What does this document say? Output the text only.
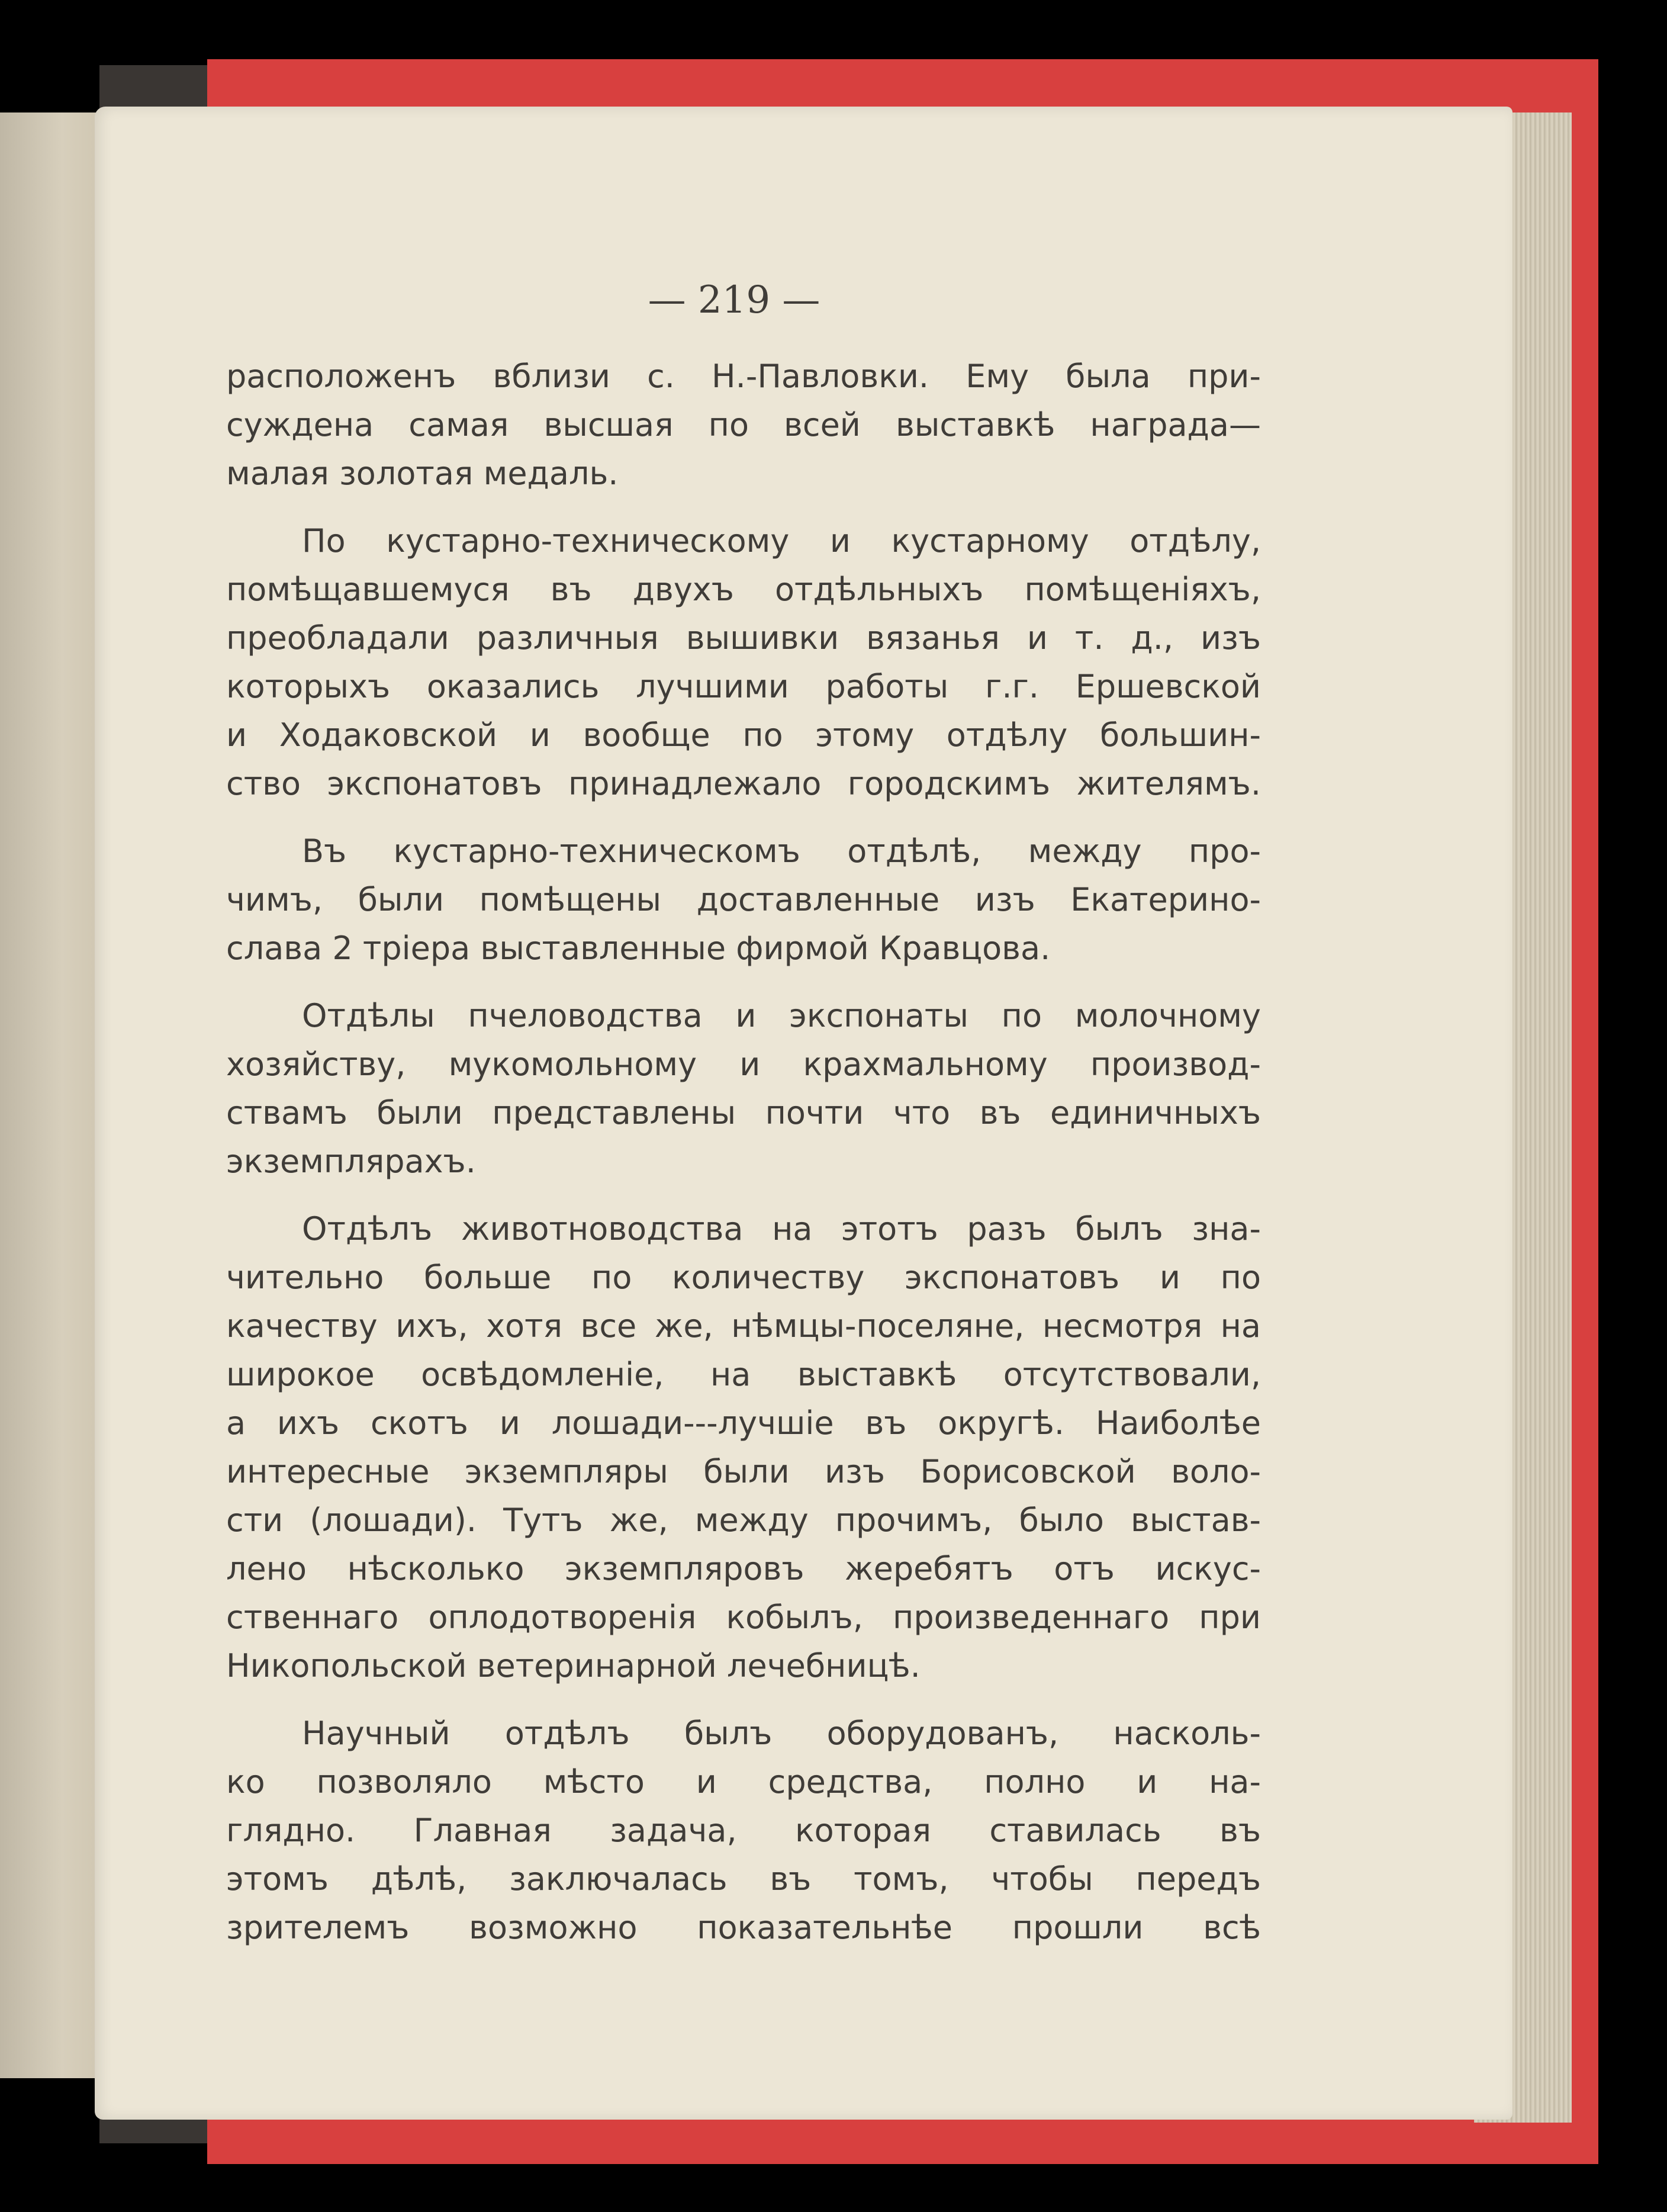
— 219 —
расположенъ вблизи с. Н.-Павловки. Ему была при-
суждена самая высшая по всей выставкѣ награда—
малая золотая медаль.
По кустарно-техническому и кустарному отдѣлу,
помѣщавшемуся въ двухъ отдѣльныхъ помѣщеніяхъ,
преобладали различныя вышивки вязанья и т. д., изъ
которыхъ оказались лучшими работы г.г. Ершевской
и Ходаковской и вообще по этому отдѣлу большин-
ство экспонатовъ принадлежало городскимъ жителямъ.
Въ кустарно-техническомъ отдѣлѣ, между про-
чимъ, были помѣщены доставленные изъ Екатерино-
слава 2 тріера выставленные фирмой Кравцова.
Отдѣлы пчеловодства и экспонаты по молочному
хозяйству, мукомольному и крахмальному производ-
ствамъ были представлены почти что въ единичныхъ
экземплярахъ.
Отдѣлъ животноводства на этотъ разъ былъ зна-
чительно больше по количеству экспонатовъ и по
качеству ихъ, хотя все же, нѣмцы-поселяне, несмотря на
широкое освѣдомленіе, на выставкѣ отсутствовали,
а ихъ скотъ и лошади---лучшіе въ округѣ. Наиболѣе
интересные экземпляры были изъ Борисовской воло-
сти (лошади). Тутъ же, между прочимъ, было выстав-
лено нѣсколько экземпляровъ жеребятъ отъ искус-
ственнаго оплодотворенія кобылъ, произведеннаго при
Никопольской ветеринарной лечебницѣ.
Научный отдѣлъ былъ оборудованъ, насколь-
ко позволяло мѣсто и средства, полно и на-
глядно. Главная задача, которая ставилась въ
этомъ дѣлѣ, заключалась въ томъ, чтобы передъ
зрителемъ возможно показательнѣе прошли всѣ
